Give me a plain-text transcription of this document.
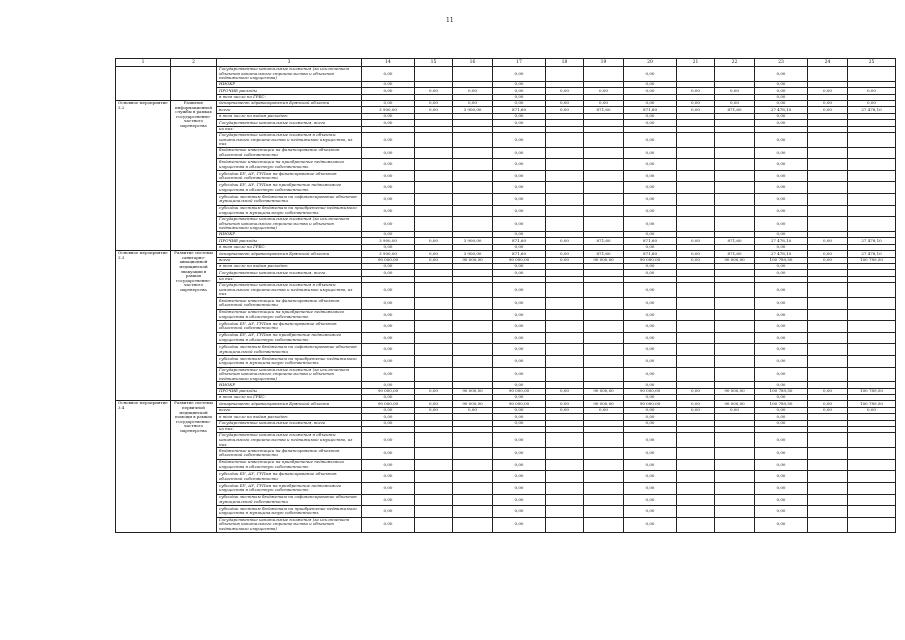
11
1	2	3	14	15	16	17	18	19	20	21	22	23	24	25
		Государственные капитальные вложения (за исключением объектов капитального строительства и объектов недвижимого имущества)	0,00			0,00			0,00			0,00		
		НИОКР	0,00			0,00			0,00			0,00		
		ПРОЧИЕ расходы	0,00	0,00	0,00	0,00	0,00	0,00	0,00	0,00	0,00	0,00	0,00	0,00
		в том числе по ГРБС:				0,00						0,00		
Основное мероприятие 3.2	Развитие информационной службы в рамках государственно-частного партнерства	департамент здравоохранения Брянской области	0,00	0,00	0,00	0,00	0,00	0,00	0,00	0,00	0,00	0,00	0,00	0,00
		всего	3 900,00	0,00	3 900,00	871,60	0,00	871,60	871,60	0,00	871,60	27 478,10	0,00	27 478,10
		в том числе по видам расходов:	0,00			0,00			0,00			0,00		
		Государственные капитальные вложения, всего	0,00			0,00			0,00			0,00		
		из них:												
		Государственные капитальные вложения в объекты капитального строительства и недвижимое имущество, из них	0,00			0,00			0,00			0,00		
		бюджетные инвестиции на финансирование объектов областной собственности	0,00			0,00			0,00			0,00		
		бюджетные инвестиции на приобретение недвижимого имущества в областную собственность	0,00			0,00			0,00			0,00		
		субсидии БУ, АУ, ГУПам на финансирование объектов областной собственности	0,00			0,00			0,00			0,00		
		субсидии БУ, АУ, ГУПам на приобретение недвижимого имущества в областную собственность	0,00			0,00			0,00			0,00		
		субсидии местным бюджетам на софинансирование объектов муниципальной собственности	0,00			0,00			0,00			0,00		
		субсидии местным бюджетам на приобретение недвижимого имущества в муниципальную собственность	0,00			0,00			0,00			0,00		
		Государственные капитальные вложения (за исключением объектов капитального строительства и объектов недвижимого имущества)	0,00			0,00			0,00			0,00		
		НИОКР	0,00			0,00			0,00			0,00		
		ПРОЧИЕ расходы	3 900,00	0,00	3 900,00	871,60	0,00	871,60	871,60	0,00	871,60	27 478,10	0,00	27 478,10
		в том числе по ГРБС:	0,00			0,00			0,00			0,00		
Основное мероприятие 3.3	Развитие системы санитарно-авиационной медицинской эвакуации в рамках государственно-частного партнерства	департамент здравоохранения Брянской области	3 900,00	0,00	3 900,00	871,60	0,00	871,60	871,60	0,00	871,60	27 478,10	0,00	27 478,10
		всего	90 000,00	0,00	90 000,00	90 000,00	0,00	90 000,00	90 000,00	0,00	90 000,00	100 789,50	0,00	100 789,50
		в том числе по видам расходов:	0,00			0,00			0,00			0,00		
		Государственные капитальные вложения, всего	0,00			0,00			0,00			0,00		
		из них:												
		Государственные капитальные вложения в объекты капитального строительства и недвижимое имущество, из них	0,00			0,00			0,00			0,00		
		бюджетные инвестиции на финансирование объектов областной собственности	0,00			0,00			0,00			0,00		
		бюджетные инвестиции на приобретение недвижимого имущества в областную собственность	0,00			0,00			0,00			0,00		
		субсидии БУ, АУ, ГУПам на финансирование объектов областной собственности	0,00			0,00			0,00			0,00		
		субсидии БУ, АУ, ГУПам на приобретение недвижимого имущества в областную собственность	0,00			0,00			0,00			0,00		
		субсидии местным бюджетам на софинансирование объектов муниципальной собственности	0,00			0,00			0,00			0,00		
		субсидии местным бюджетам на приобретение недвижимого имущества в муниципальную собственность	0,00			0,00			0,00			0,00		
		Государственные капитальные вложения (за исключением объектов капитального строительства и объектов недвижимого имущества)	0,00			0,00			0,00			0,00		
		НИОКР	0,00			0,00			0,00			0,00		
		ПРОЧИЕ расходы	90 000,00	0,00	90 000,00	90 000,00	0,00	90 000,00	90 000,00	0,00	90 000,00	100 789,50	0,00	100 789,50
		в том числе по ГРБС:	0,00			0,00			0,00			0,00		
Основное мероприятие 3.4	Развитие системы первичной медицинской помощи в рамках государственно-частного партнерства	департамент здравоохранения Брянской области	90 000,00	0,00	90 000,00	90 000,00	0,00	90 000,00	90 000,00	0,00	90 000,00	100 789,50	0,00	100 789,50
		всего	0,00	0,00	0,00	0,00	0,00	0,00	0,00	0,00	0,00	0,00	0,00	0,00
		в том числе по видам расходов:	0,00			0,00			0,00			0,00		
		Государственные капитальные вложения, всего	0,00			0,00			0,00			0,00		
		из них:												
		Государственные капитальные вложения в объекты капитального строительства и недвижимое имущество, из них	0,00			0,00			0,00			0,00		
		бюджетные инвестиции на финансирование объектов областной собственности	0,00			0,00			0,00			0,00		
		бюджетные инвестиции на приобретение недвижимого имущества в областную собственность	0,00			0,00			0,00			0,00		
		субсидии БУ, АУ, ГУПам на финансирование объектов областной собственности	0,00			0,00			0,00			0,00		
		субсидии БУ, АУ, ГУПам на приобретение недвижимого имущества в областную собственность	0,00			0,00			0,00			0,00		
		субсидии местным бюджетам на софинансирование объектов муниципальной собственности	0,00			0,00			0,00			0,00		
		субсидии местным бюджетам на приобретение недвижимого имущества в муниципальную собственность	0,00			0,00			0,00			0,00		
		Государственные капитальные вложения (за исключением объектов капитального строительства и объектов недвижимого имущества)	0,00			0,00			0,00			0,00		
